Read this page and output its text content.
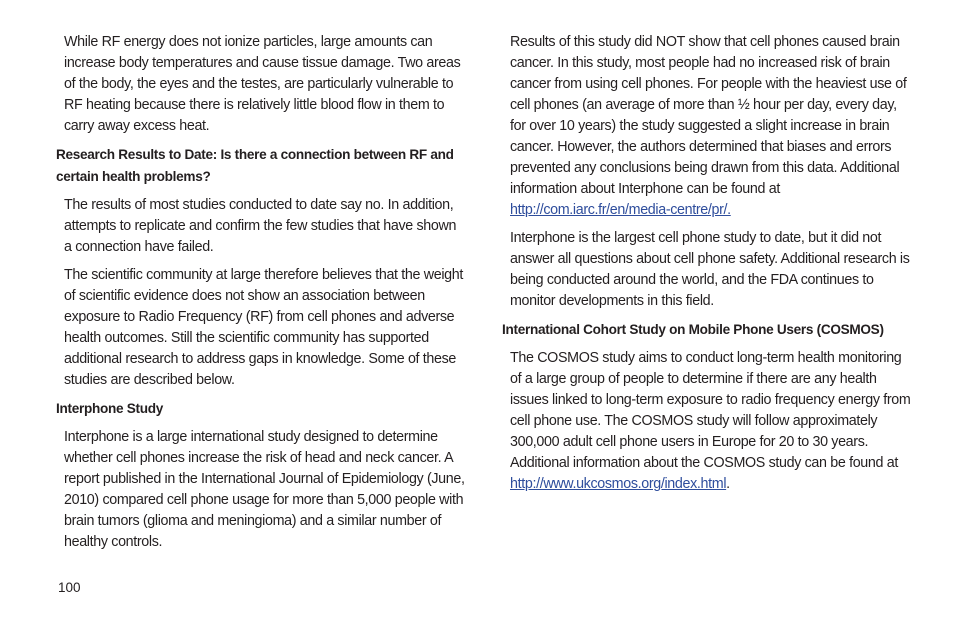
While RF energy does not ionize particles, large amounts can increase body temperatures and cause tissue damage. Two areas of the body, the eyes and the testes, are particularly vulnerable to RF heating because there is relatively little blood flow in them to carry away excess heat.

Research Results to Date: Is there a connection between RF and certain health problems?

The results of most studies conducted to date say no. In addition, attempts to replicate and confirm the few studies that have shown a connection have failed.

The scientific community at large therefore believes that the weight of scientific evidence does not show an association between exposure to Radio Frequency (RF) from cell phones and adverse health outcomes. Still the scientific community has supported additional research to address gaps in knowledge. Some of these studies are described below.

Interphone Study

Interphone is a large international study designed to determine whether cell phones increase the risk of head and neck cancer. A report published in the International Journal of Epidemiology (June, 2010) compared cell phone usage for more than 5,000 people with brain tumors (glioma and meningioma) and a similar number of healthy controls.

Results of this study did NOT show that cell phones caused brain cancer. In this study, most people had no increased risk of brain cancer from using cell phones. For people with the heaviest use of cell phones (an average of more than ½ hour per day, every day, for over 10 years) the study suggested a slight increase in brain cancer. However, the authors determined that biases and errors prevented any conclusions being drawn from this data. Additional information about Interphone can be found at http://com.iarc.fr/en/media-centre/pr/.

Interphone is the largest cell phone study to date, but it did not answer all questions about cell phone safety. Additional research is being conducted around the world, and the FDA continues to monitor developments in this field.

International Cohort Study on Mobile Phone Users (COSMOS)

The COSMOS study aims to conduct long-term health monitoring of a large group of people to determine if there are any health issues linked to long-term exposure to radio frequency energy from cell phone use. The COSMOS study will follow approximately 300,000 adult cell phone users in Europe for 20 to 30 years. Additional information about the COSMOS study can be found at http://www.ukcosmos.org/index.html.

100
